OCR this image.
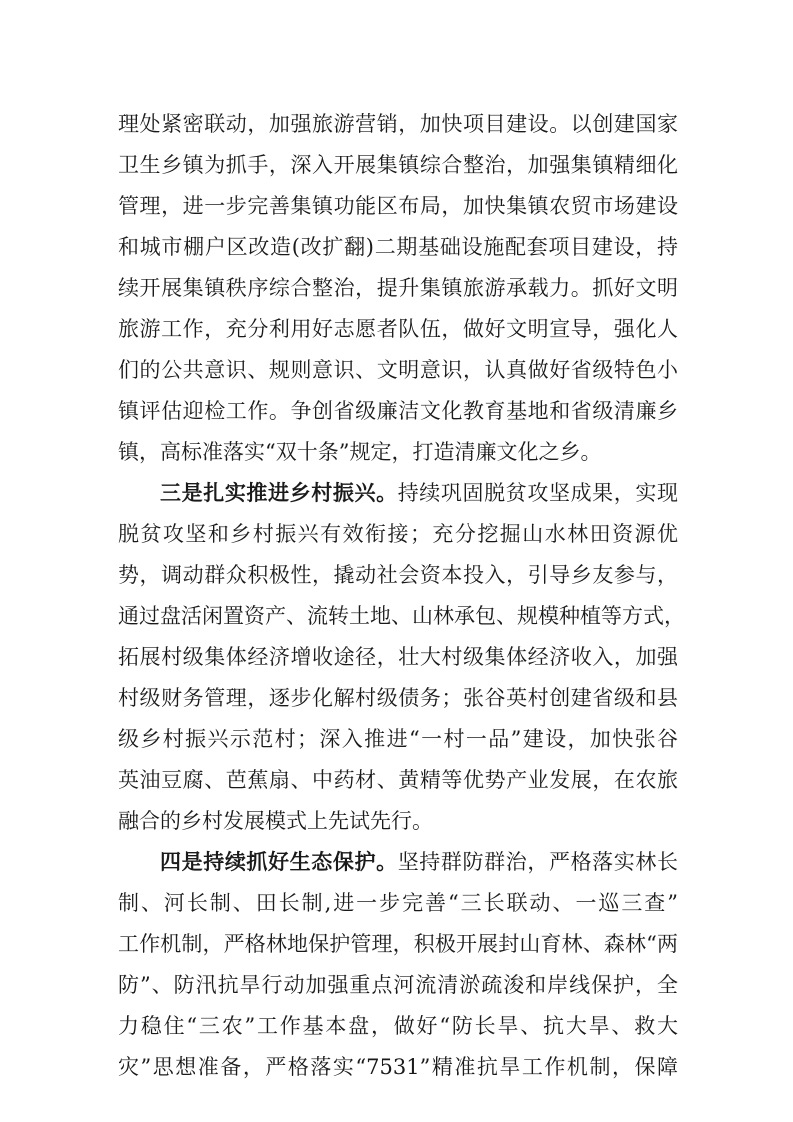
理处紧密联动，加强旅游营销，加快项目建设。以创建国家
卫生乡镇为抓手，深入开展集镇综合整治，加强集镇精细化
管理，进一步完善集镇功能区布局，加快集镇农贸市场建设
和城市棚户区改造(改扩翻)二期基础设施配套项目建设，持
续开展集镇秩序综合整治，提升集镇旅游承载力。抓好文明
旅游工作，充分利用好志愿者队伍，做好文明宣导，强化人
们的公共意识、规则意识、文明意识，认真做好省级特色小
镇评估迎检工作。争创省级廉洁文化教育基地和省级清廉乡
镇，高标准落实“双十条”规定，打造清廉文化之乡。
三是扎实推进乡村振兴。持续巩固脱贫攻坚成果，实现
脱贫攻坚和乡村振兴有效衔接；充分挖掘山水林田资源优
势，调动群众积极性，撬动社会资本投入，引导乡友参与，
通过盘活闲置资产、流转土地、山林承包、规模种植等方式，
拓展村级集体经济增收途径，壮大村级集体经济收入，加强
村级财务管理，逐步化解村级债务；张谷英村创建省级和县
级乡村振兴示范村；深入推进“一村一品”建设，加快张谷
英油豆腐、芭蕉扇、中药材、黄精等优势产业发展，在农旅
融合的乡村发展模式上先试先行。
四是持续抓好生态保护。坚持群防群治，严格落实林长
制、河长制、田长制,进一步完善“三长联动、一巡三查”
工作机制，严格林地保护管理，积极开展封山育林、森林“两
防”、防汛抗旱行动加强重点河流清淤疏浚和岸线保护，全
力稳住“三农”工作基本盘，做好“防长旱、抗大旱、救大
灾”思想准备，严格落实“7531”精准抗旱工作机制，保障
